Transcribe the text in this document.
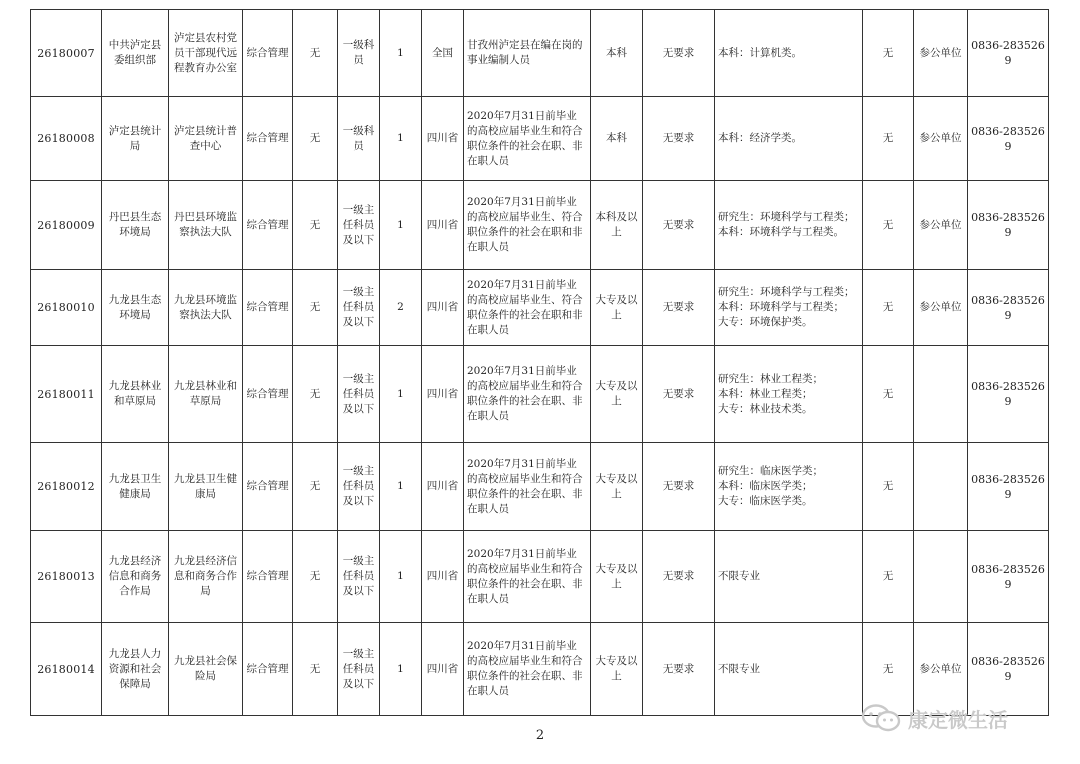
26180007	中共泸定县委组织部	泸定县农村党员干部现代远程教育办公室	综合管理	无	一级科员	1	全国	甘孜州泸定县在编在岗的事业编制人员	本科	无要求	本科：计算机类。	无	参公单位	0836-2835269

26180008	泸定县统计局	泸定县统计普查中心	综合管理	无	一级科员	1	四川省	2020年7月31日前毕业的高校应届毕业生和符合职位条件的社会在职、非在职人员	本科	无要求	本科：经济学类。	无	参公单位	0836-2835269

26180009	丹巴县生态环境局	丹巴县环境监察执法大队	综合管理	无	一级主任科员及以下	1	四川省	2020年7月31日前毕业的高校应届毕业生、符合职位条件的社会在职和非在职人员	本科及以上	无要求	研究生：环境科学与工程类；
本科：环境科学与工程类。	无	参公单位	0836-2835269

26180010	九龙县生态环境局	九龙县环境监察执法大队	综合管理	无	一级主任科员及以下	2	四川省	2020年7月31日前毕业的高校应届毕业生、符合职位条件的社会在职和非在职人员	大专及以上	无要求	研究生：环境科学与工程类；
本科：环境科学与工程类；
大专：环境保护类。	无	参公单位	0836-2835269

26180011	九龙县林业和草原局	九龙县林业和草原局	综合管理	无	一级主任科员及以下	1	四川省	2020年7月31日前毕业的高校应届毕业生和符合职位条件的社会在职、非在职人员	大专及以上	无要求	研究生：林业工程类；
本科：林业工程类；
大专：林业技术类。	无		0836-2835269

26180012	九龙县卫生健康局	九龙县卫生健康局	综合管理	无	一级主任科员及以下	1	四川省	2020年7月31日前毕业的高校应届毕业生和符合职位条件的社会在职、非在职人员	大专及以上	无要求	研究生：临床医学类；
本科：临床医学类；
大专：临床医学类。	无		0836-2835269

26180013	九龙县经济信息和商务合作局	九龙县经济信息和商务合作局	综合管理	无	一级主任科员及以下	1	四川省	2020年7月31日前毕业的高校应届毕业生和符合职位条件的社会在职、非在职人员	大专及以上	无要求	不限专业	无		0836-2835269

26180014	九龙县人力资源和社会保障局	九龙县社会保险局	综合管理	无	一级主任科员及以下	1	四川省	2020年7月31日前毕业的高校应届毕业生和符合职位条件的社会在职、非在职人员	大专及以上	无要求	不限专业	无	参公单位	0836-2835269
2
康定微生活
